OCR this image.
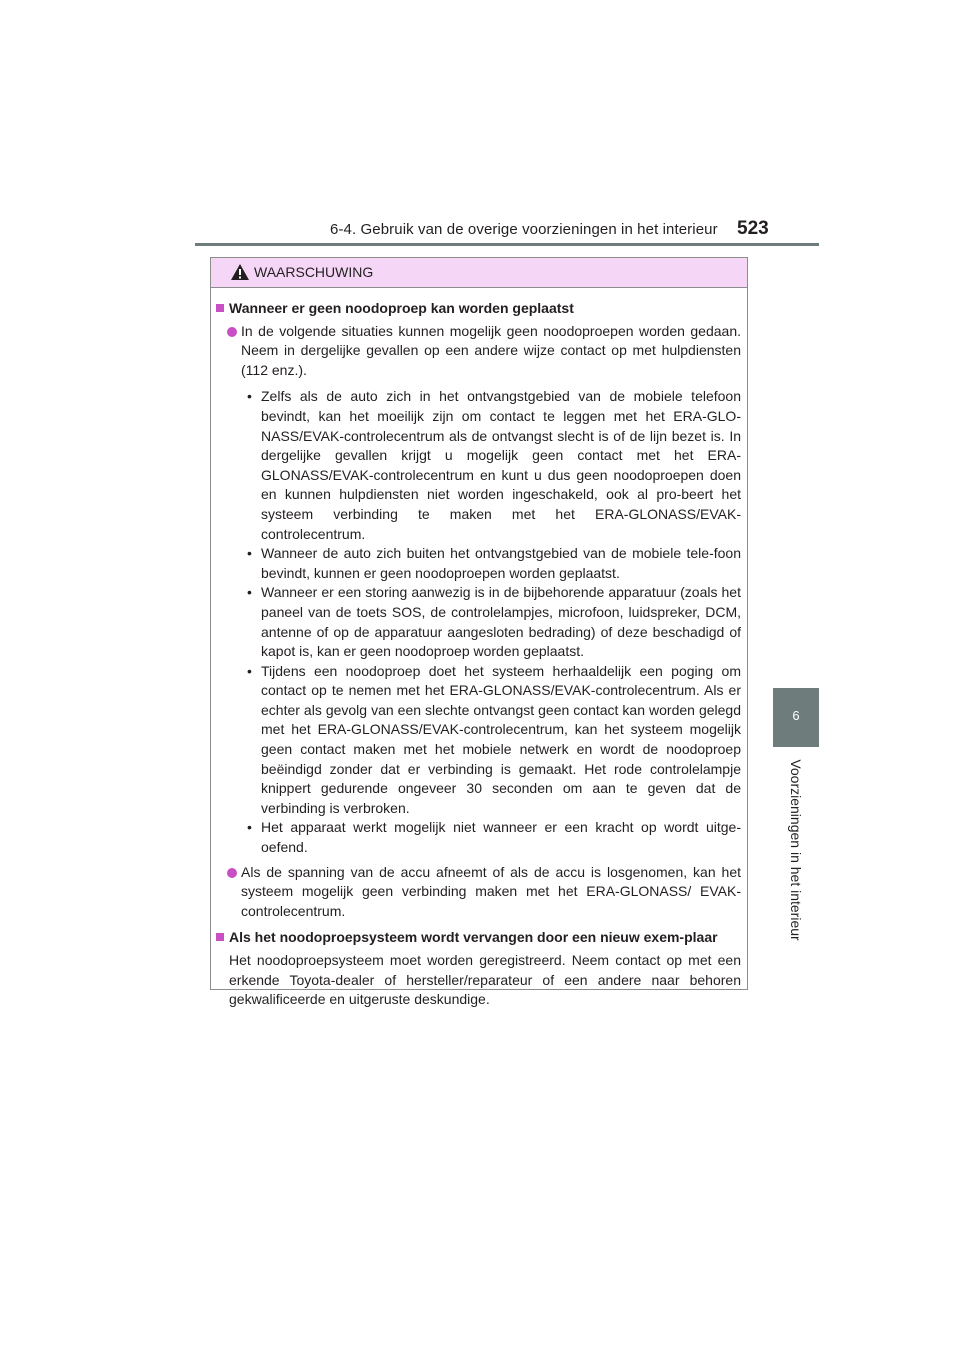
6-4. Gebruik van de overige voorzieningen in het interieur 523
6
Voorzieningen in het interieur
WAARSCHUWING
Wanneer er geen noodoproep kan worden geplaatst
In de volgende situaties kunnen mogelijk geen noodoproepen worden gedaan. Neem in dergelijke gevallen op een andere wijze contact op met hulpdiensten (112 enz.).
• Zelfs als de auto zich in het ontvangstgebied van de mobiele telefoon bevindt, kan het moeilijk zijn om contact te leggen met het ERA-GLO-NASS/EVAK-controlecentrum als de ontvangst slecht is of de lijn bezet is. In dergelijke gevallen krijgt u mogelijk geen contact met het ERA-GLONASS/EVAK-controlecentrum en kunt u dus geen noodoproepen doen en kunnen hulpdiensten niet worden ingeschakeld, ook al pro-beert het systeem verbinding te maken met het ERA-GLONASS/EVAK-controlecentrum.
• Wanneer de auto zich buiten het ontvangstgebied van de mobiele tele-foon bevindt, kunnen er geen noodoproepen worden geplaatst.
• Wanneer er een storing aanwezig is in de bijbehorende apparatuur (zoals het paneel van de toets SOS, de controlelampjes, microfoon, luidspreker, DCM, antenne of op de apparatuur aangesloten bedrading) of deze beschadigd of kapot is, kan er geen noodoproep worden geplaatst.
• Tijdens een noodoproep doet het systeem herhaaldelijk een poging om contact op te nemen met het ERA-GLONASS/EVAK-controlecentrum. Als er echter als gevolg van een slechte ontvangst geen contact kan worden gelegd met het ERA-GLONASS/EVAK-controlecentrum, kan het systeem mogelijk geen contact maken met het mobiele netwerk en wordt de noodoproep beëindigd zonder dat er verbinding is gemaakt. Het rode controlelampje knippert gedurende ongeveer 30 seconden om aan te geven dat de verbinding is verbroken.
• Het apparaat werkt mogelijk niet wanneer er een kracht op wordt uitge-oefend.
Als de spanning van de accu afneemt of als de accu is losgenomen, kan het systeem mogelijk geen verbinding maken met het ERA-GLONASS/ EVAK-controlecentrum.
Als het noodoproepsysteem wordt vervangen door een nieuw exem-plaar
Het noodoproepsysteem moet worden geregistreerd. Neem contact op met een erkende Toyota-dealer of hersteller/reparateur of een andere naar behoren gekwalificeerde en uitgeruste deskundige.
